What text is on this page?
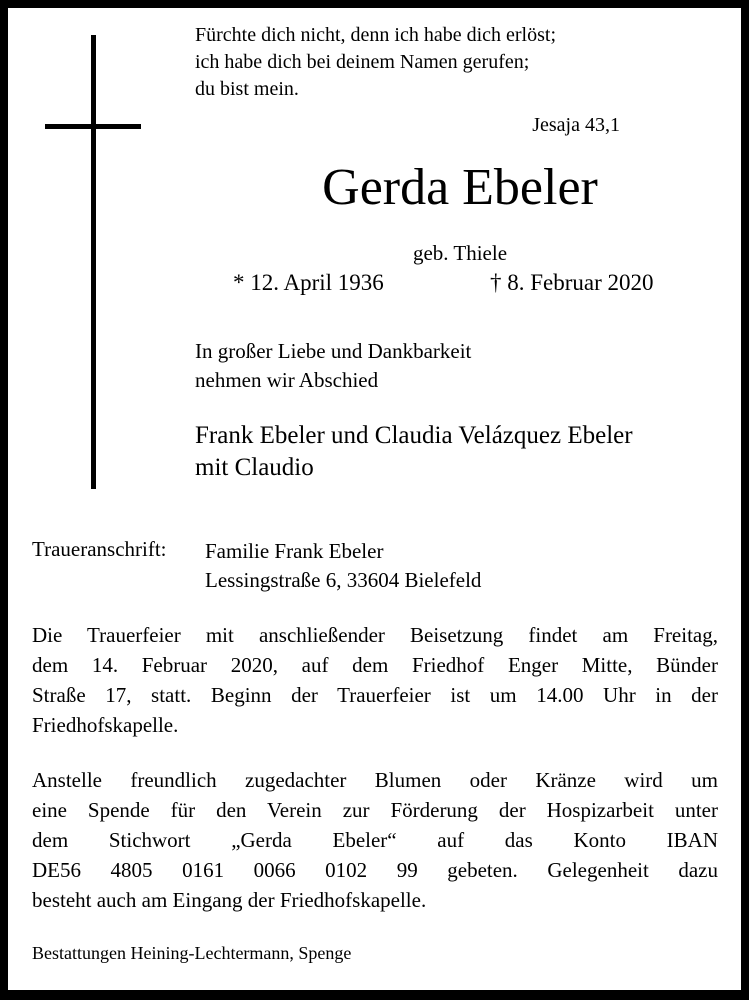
Fürchte dich nicht, denn ich habe dich erlöst;
ich habe dich bei deinem Namen gerufen;
du bist mein.
Jesaja 43,1
Gerda Ebeler
geb. Thiele
* 12. April 1936	† 8. Februar 2020
In großer Liebe und Dankbarkeit
nehmen wir Abschied
Frank Ebeler und Claudia Velázquez Ebeler
mit Claudio
Traueranschrift: Familie Frank Ebeler
Lessingstraße 6, 33604 Bielefeld
Die Trauerfeier mit anschließender Beisetzung findet am Freitag,
dem 14. Februar 2020, auf dem Friedhof Enger Mitte, Bünder
Straße 17, statt. Beginn der Trauerfeier ist um 14.00 Uhr in der
Friedhofskapelle.
Anstelle freundlich zugedachter Blumen oder Kränze wird um
eine Spende für den Verein zur Förderung der Hospizarbeit unter
dem Stichwort „Gerda Ebeler“ auf das Konto IBAN
DE56 4805 0161 0066 0102 99 gebeten. Gelegenheit dazu
besteht auch am Eingang der Friedhofskapelle.
Bestattungen Heining-Lechtermann, Spenge
